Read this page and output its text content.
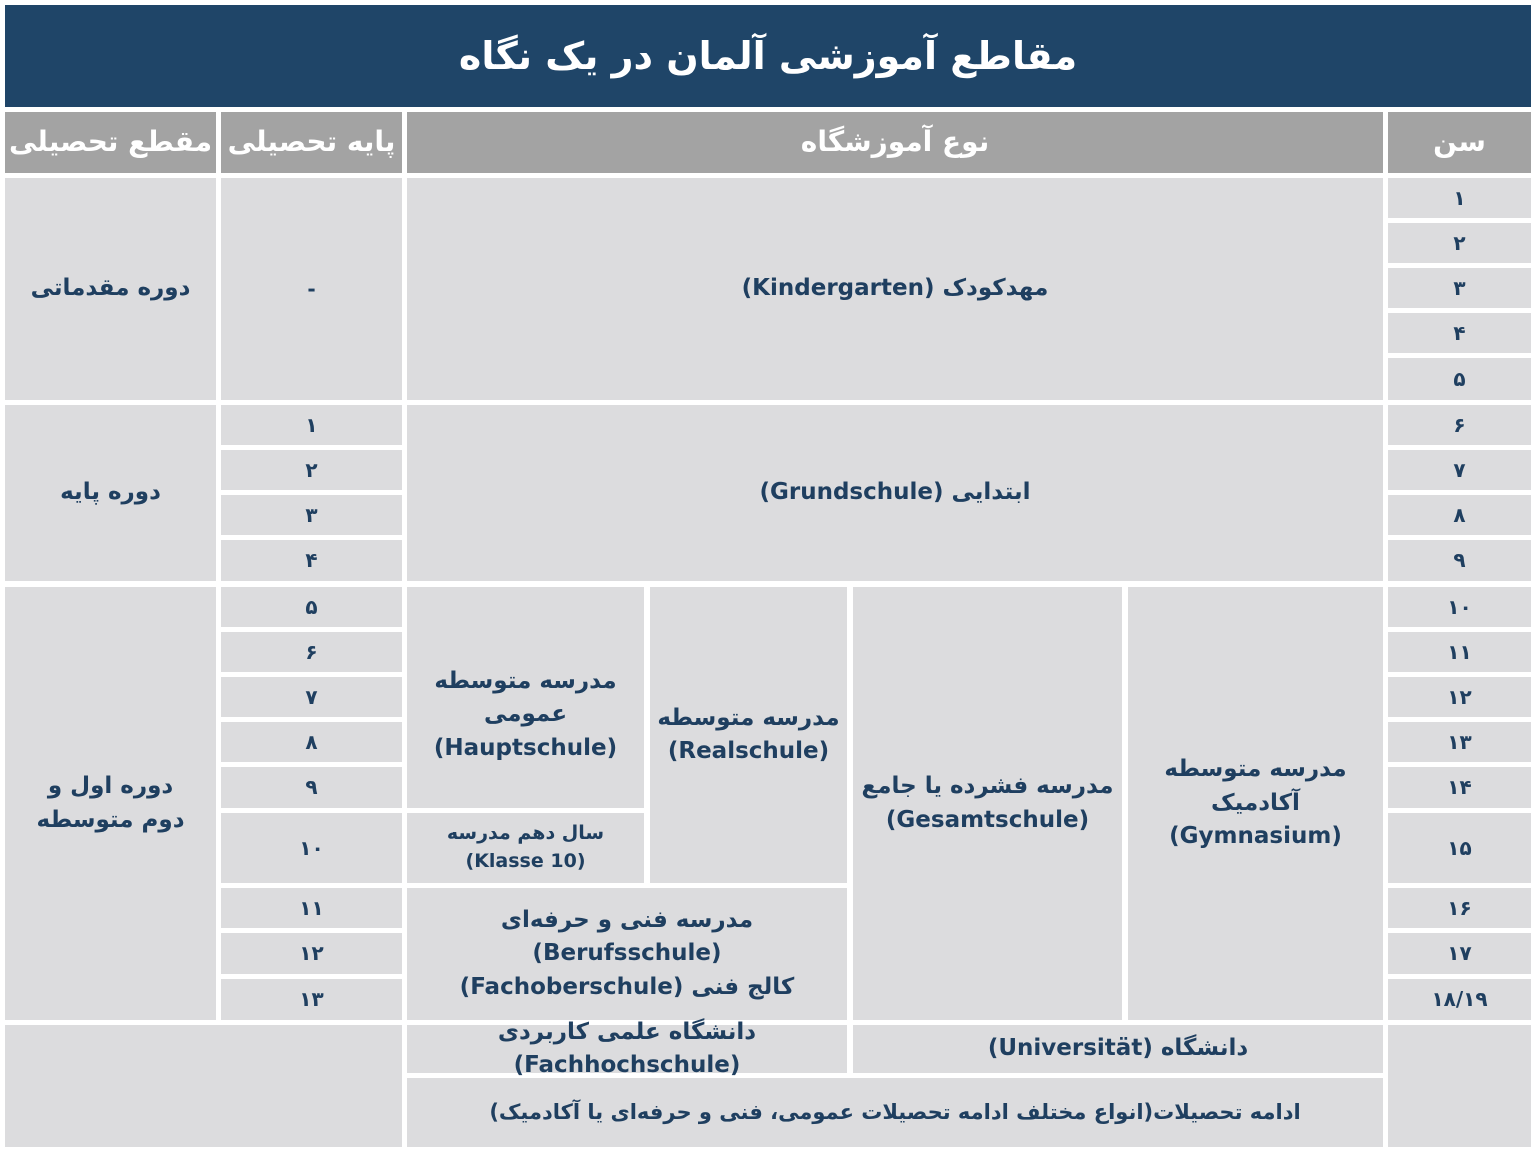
مقاطع آموزشی آلمان در یک نگاه
مقطع تحصیلی پایه تحصیلی	نوع آموزشگاه	سن
دوره مقدماتی
دوره پایه
دوره اول و
دوم متوسطه
-
۱
۲
۳
۴
۵
۶
۷
۸
۹
۱۰
۱۱
۱۲
۱۳
مهدکودک (Kindergarten)
ابتدایی (Grundschule)
مدرسه متوسطه عمومی
(Hauptschule)
سال دهم مدرسه
(Klasse 10)
مدرسه متوسطه
(Realschule)
مدرسه فشرده یا جامع
(Gesamtschule)
مدرسه متوسطه آکادمیک
(Gymnasium)
مدرسه فنی و حرفه‌ای (Berufsschule)
کالج فنی (Fachoberschule)
دانشگاه علمی کاربردی (Fachhochschule)
دانشگاه (Universität)
ادامه تحصیلات(انواع مختلف ادامه تحصیلات عمومی، فنی و حرفه‌ای یا آکادمیک)
۱
۲
۳
۴
۵
۶
۷
۸
۹
۱۰
۱۱
۱۲
۱۳
۱۴
۱۵
۱۶
۱۷
۱۸/۱۹
